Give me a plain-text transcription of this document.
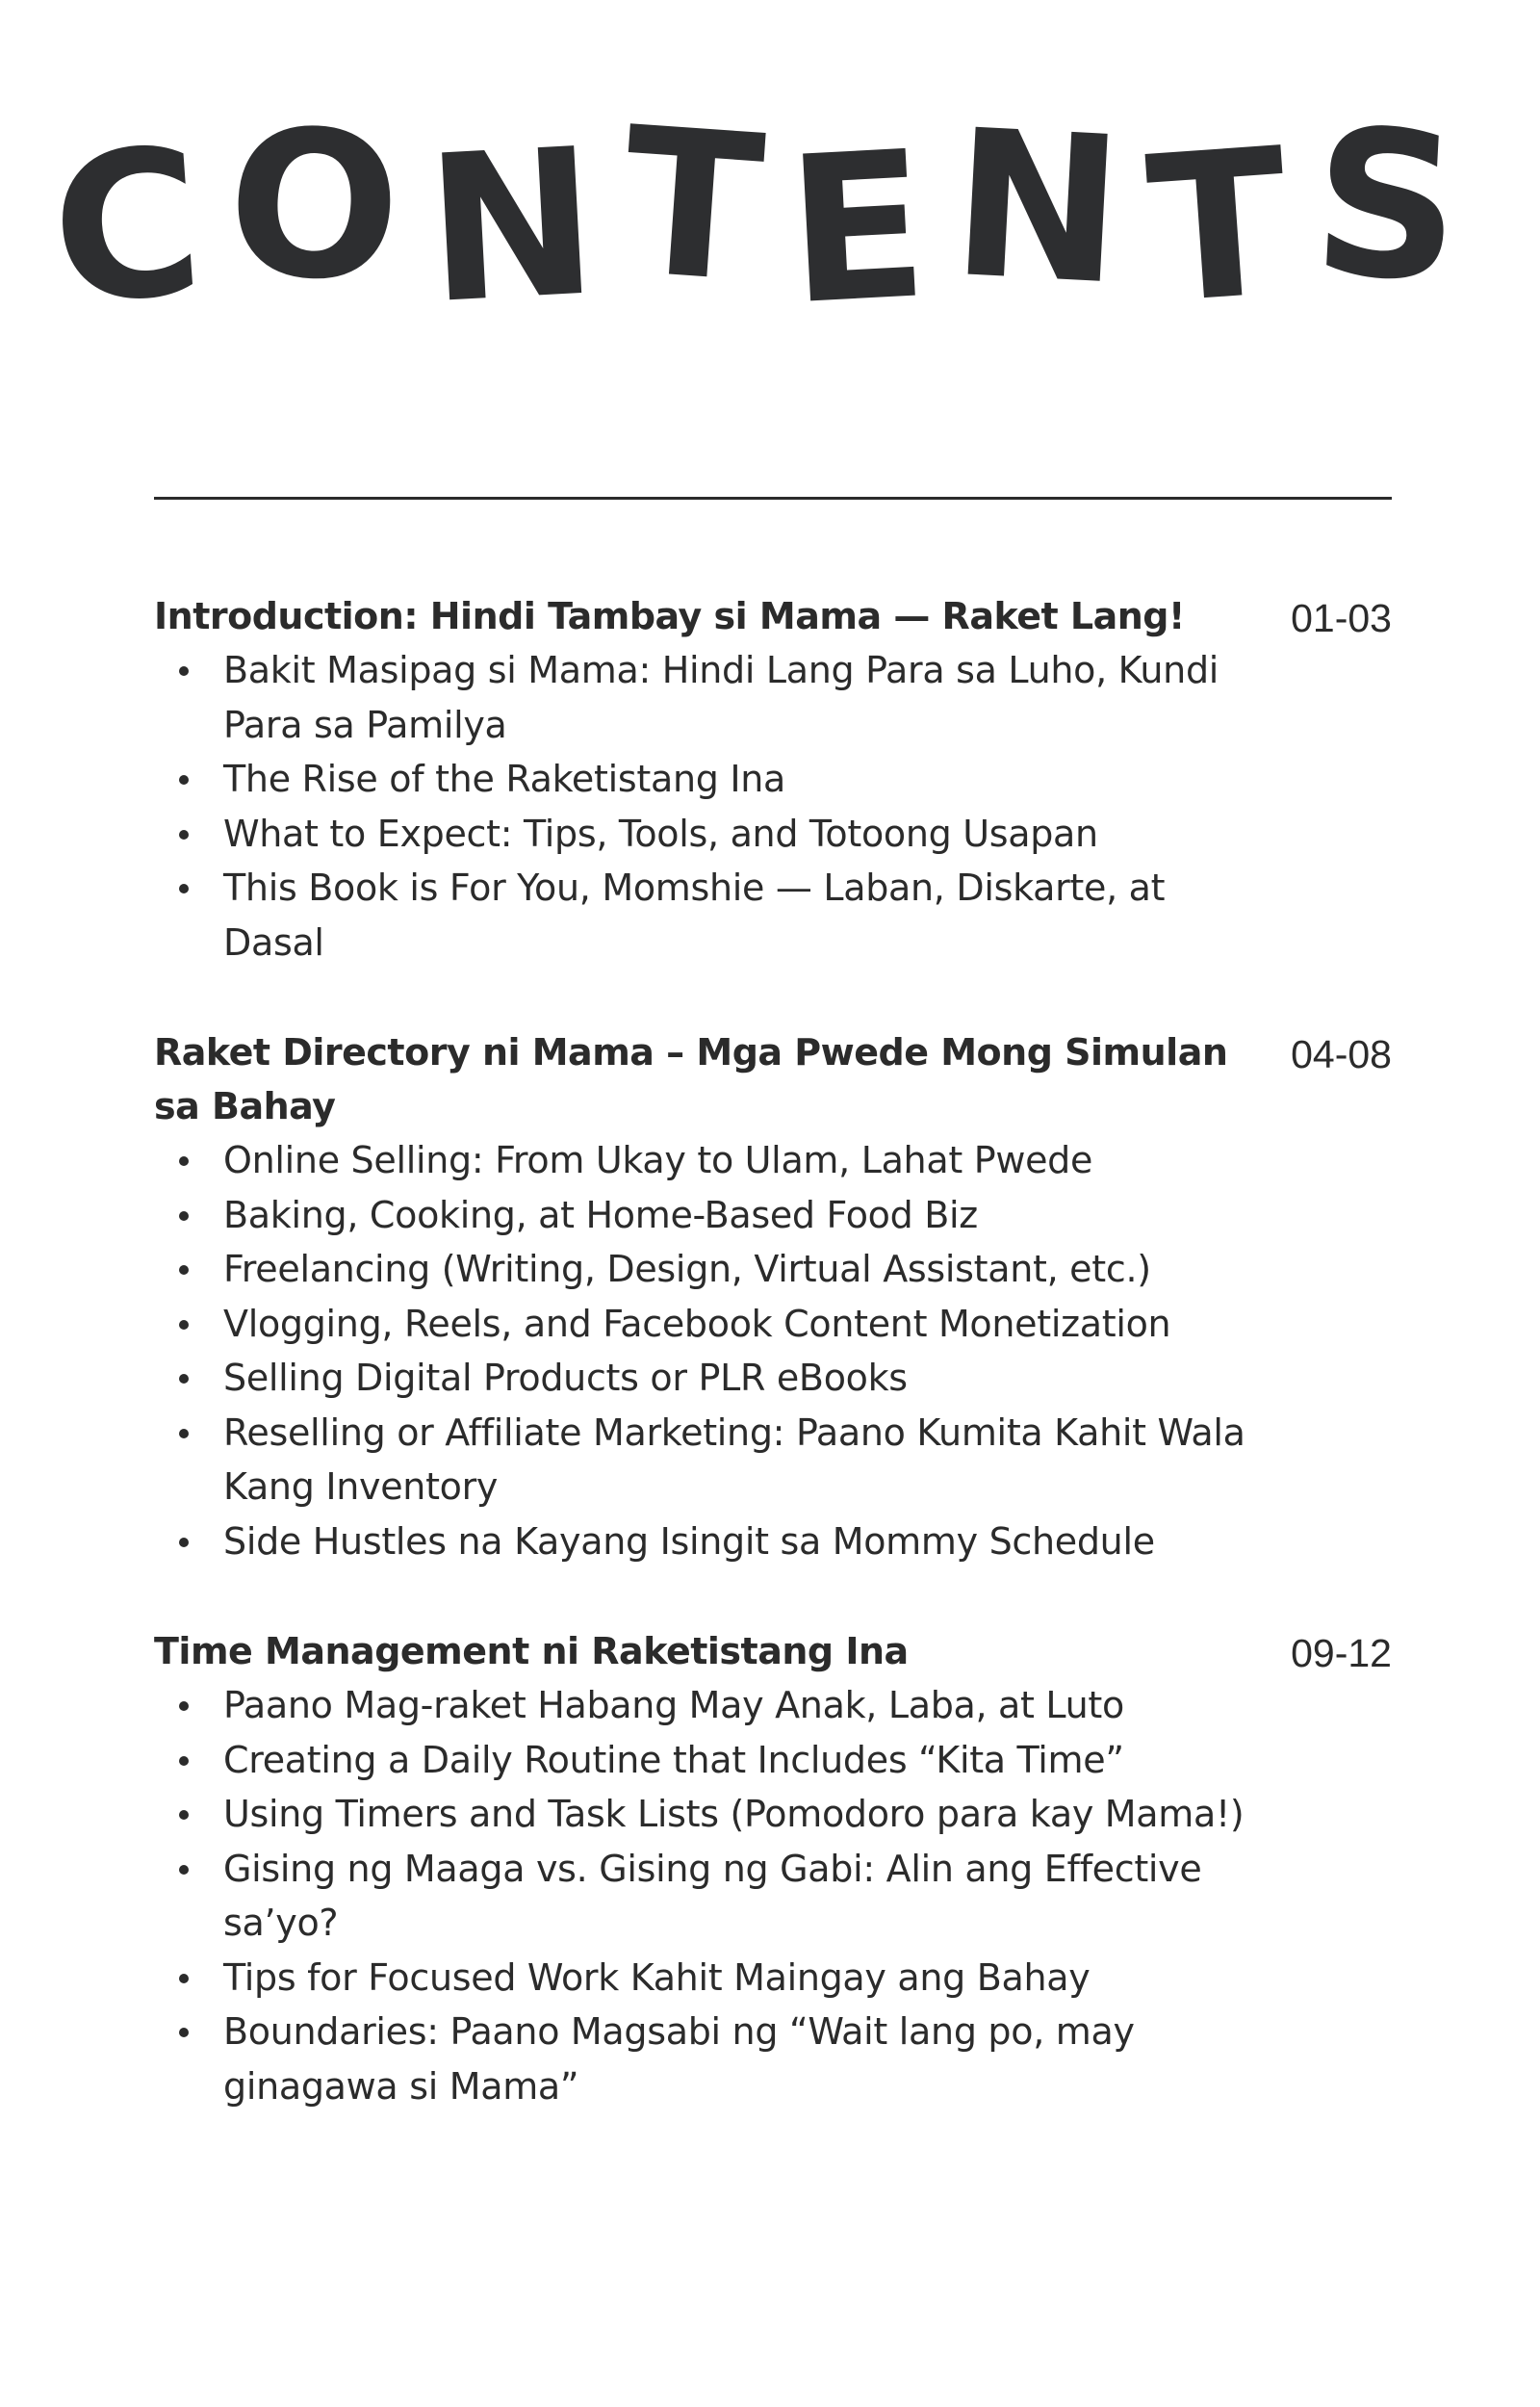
CONTENTS
Introduction: Hindi Tambay si Mama — Raket Lang!	01-03
Bakit Masipag si Mama: Hindi Lang Para sa Luho, Kundi Para sa Pamilya
The Rise of the Raketistang Ina
What to Expect: Tips, Tools, and Totoong Usapan
This Book is For You, Momshie — Laban, Diskarte, at Dasal
Raket Directory ni Mama – Mga Pwede Mong Simulan sa Bahay
04-08
Online Selling: From Ukay to Ulam, Lahat Pwede
Baking, Cooking, at Home-Based Food Biz
Freelancing (Writing, Design, Virtual Assistant, etc.)
Vlogging, Reels, and Facebook Content Monetization
Selling Digital Products or PLR eBooks
Reselling or Affiliate Marketing: Paano Kumita Kahit Wala Kang Inventory
Side Hustles na Kayang Isingit sa Mommy Schedule
Time Management ni Raketistang Ina	09-12
Paano Mag-raket Habang May Anak, Laba, at Luto
Creating a Daily Routine that Includes “Kita Time”
Using Timers and Task Lists (Pomodoro para kay Mama!)
Gising ng Maaga vs. Gising ng Gabi: Alin ang Effective sa’yo?
Tips for Focused Work Kahit Maingay ang Bahay
Boundaries: Paano Magsabi ng “Wait lang po, may ginagawa si Mama”
